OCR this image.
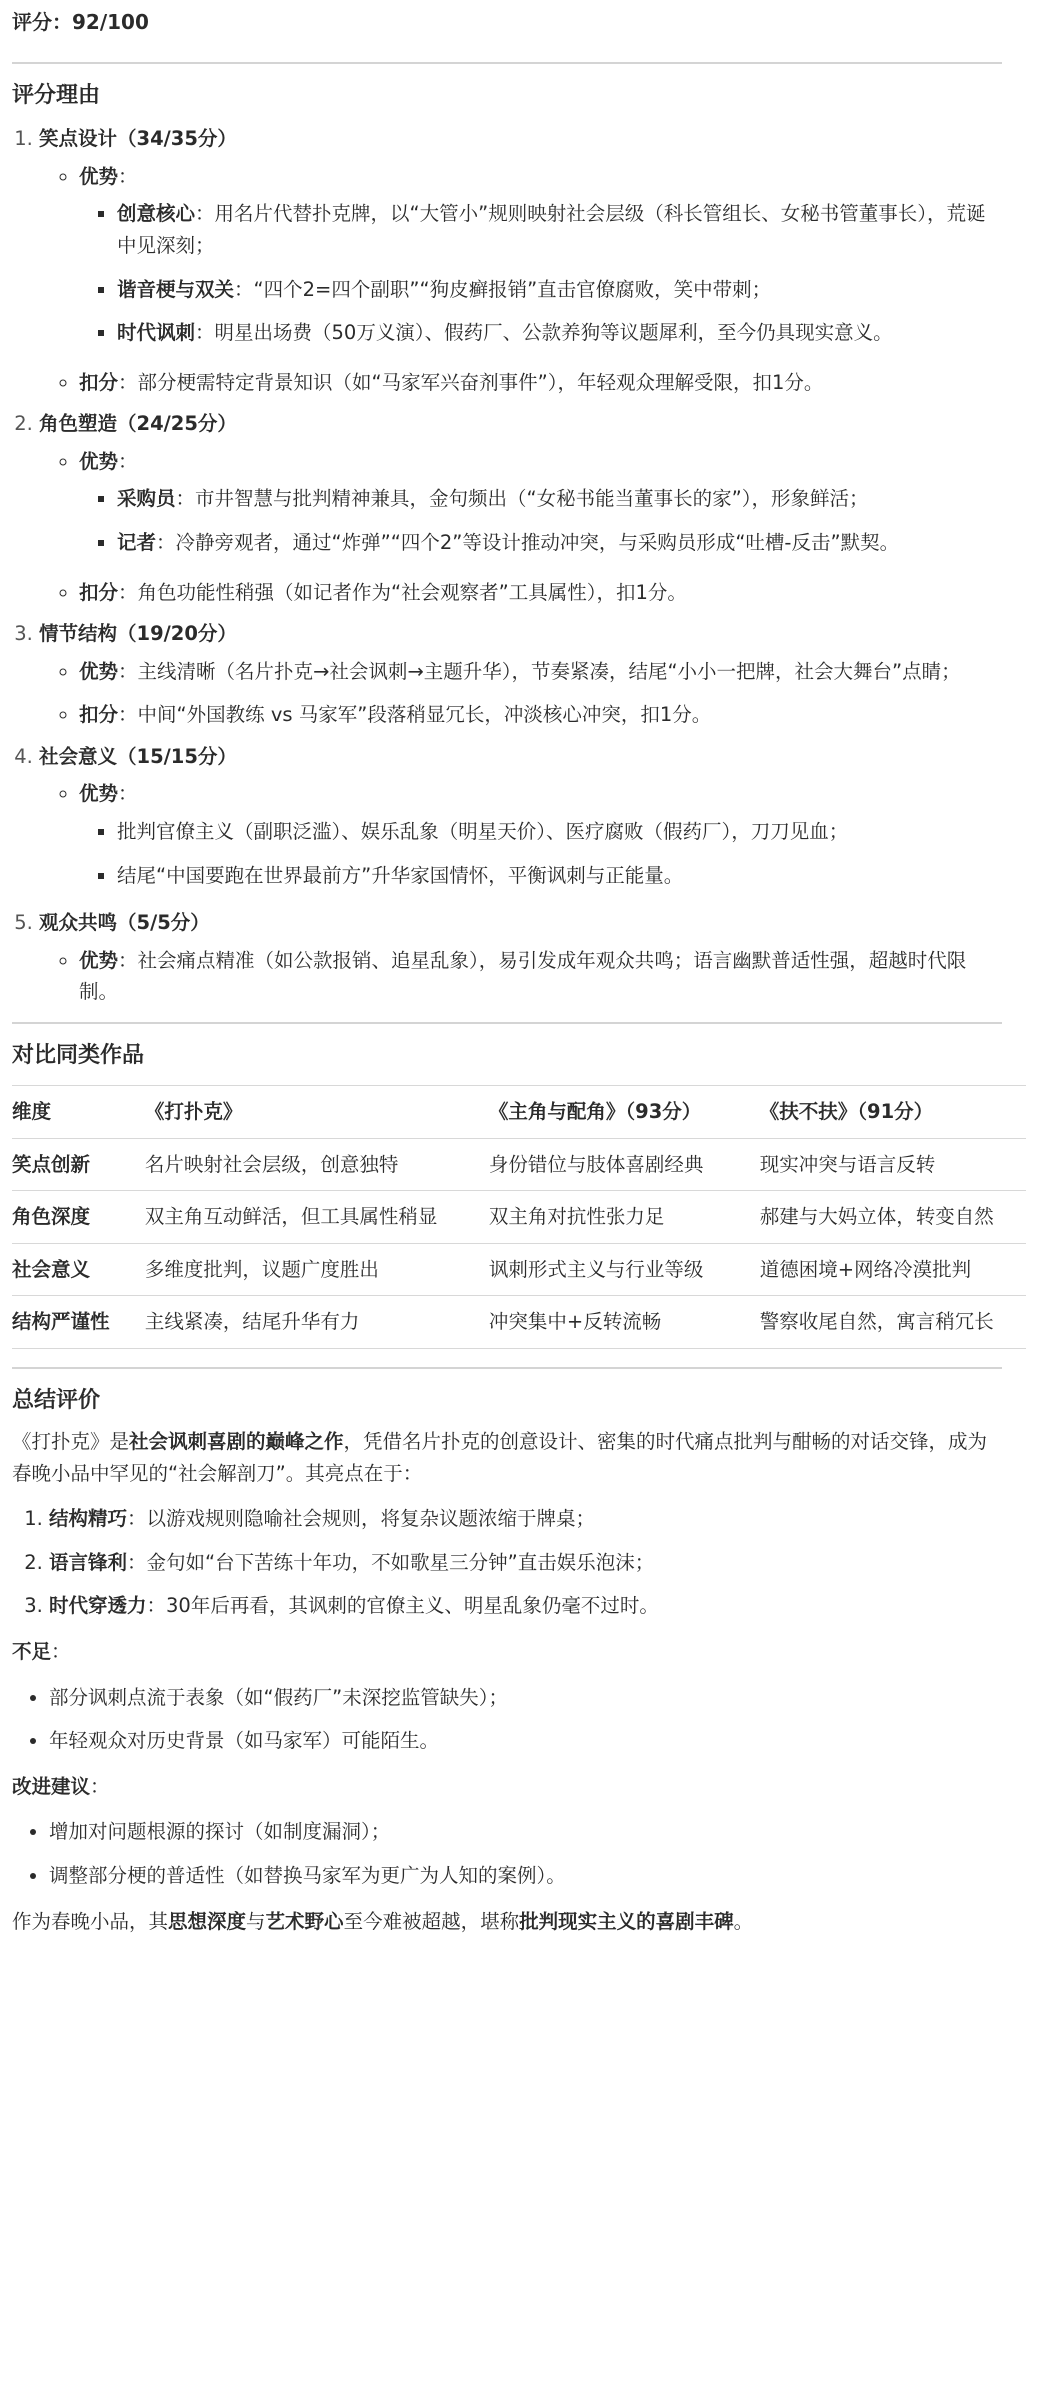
评分：92/100
评分理由
1. 笑点设计（34/35分）
◦ 优势：
▪ 创意核心：用名片代替扑克牌，以“大管小”规则映射社会层级（科长管组长、女秘书管董事长），荒诞中见深刻；
▪ 谐音梗与双关：“四个2=四个副职”“狗皮癣报销”直击官僚腐败，笑中带刺；
▪ 时代讽刺：明星出场费（50万义演）、假药厂、公款养狗等议题犀利，至今仍具现实意义。
◦ 扣分：部分梗需特定背景知识（如“马家军兴奋剂事件”），年轻观众理解受限，扣1分。
2. 角色塑造（24/25分）
◦ 优势：
▪ 采购员：市井智慧与批判精神兼具，金句频出（“女秘书能当董事长的家”），形象鲜活；
▪ 记者：冷静旁观者，通过“炸弹”“四个2”等设计推动冲突，与采购员形成“吐槽-反击”默契。
◦ 扣分：角色功能性稍强（如记者作为“社会观察者”工具属性），扣1分。
3. 情节结构（19/20分）
◦ 优势：主线清晰（名片扑克→社会讽刺→主题升华），节奏紧凑，结尾“小小一把牌，社会大舞台”点睛；
◦ 扣分：中间“外国教练 vs 马家军”段落稍显冗长，冲淡核心冲突，扣1分。
4. 社会意义（15/15分）
◦ 优势：
▪ 批判官僚主义（副职泛滥）、娱乐乱象（明星天价）、医疗腐败（假药厂），刀刀见血；
▪ 结尾“中国要跑在世界最前方”升华家国情怀，平衡讽刺与正能量。
5. 观众共鸣（5/5分）
◦ 优势：社会痛点精准（如公款报销、追星乱象），易引发成年观众共鸣；语言幽默普适性强，超越时代限制。
对比同类作品
维度	《打扑克》	《主角与配角》（93分）	《扶不扶》（91分）
笑点创新	名片映射社会层级，创意独特	身份错位与肢体喜剧经典	现实冲突与语言反转
角色深度	双主角互动鲜活，但工具属性稍显	双主角对抗性张力足	郝建与大妈立体，转变自然
社会意义	多维度批判，议题广度胜出	讽刺形式主义与行业等级	道德困境+网络冷漠批判
结构严谨性	主线紧凑，结尾升华有力	冲突集中+反转流畅	警察收尾自然，寓言稍冗长
总结评价

《打扑克》是社会讽刺喜剧的巅峰之作，凭借名片扑克的创意设计、密集的时代痛点批判与酣畅的对话交锋，成为春晚小品中罕见的“社会解剖刀”。其亮点在于：

1. 结构精巧：以游戏规则隐喻社会规则，将复杂议题浓缩于牌桌；
2. 语言锋利：金句如“台下苦练十年功，不如歌星三分钟”直击娱乐泡沫；
3. 时代穿透力：30年后再看，其讽刺的官僚主义、明星乱象仍毫不过时。

不足：

• 部分讽刺点流于表象（如“假药厂”未深挖监管缺失）；
• 年轻观众对历史背景（如马家军）可能陌生。

改进建议：

• 增加对问题根源的探讨（如制度漏洞）；
• 调整部分梗的普适性（如替换马家军为更广为人知的案例）。

作为春晚小品，其思想深度与艺术野心至今难被超越，堪称批判现实主义的喜剧丰碑。
